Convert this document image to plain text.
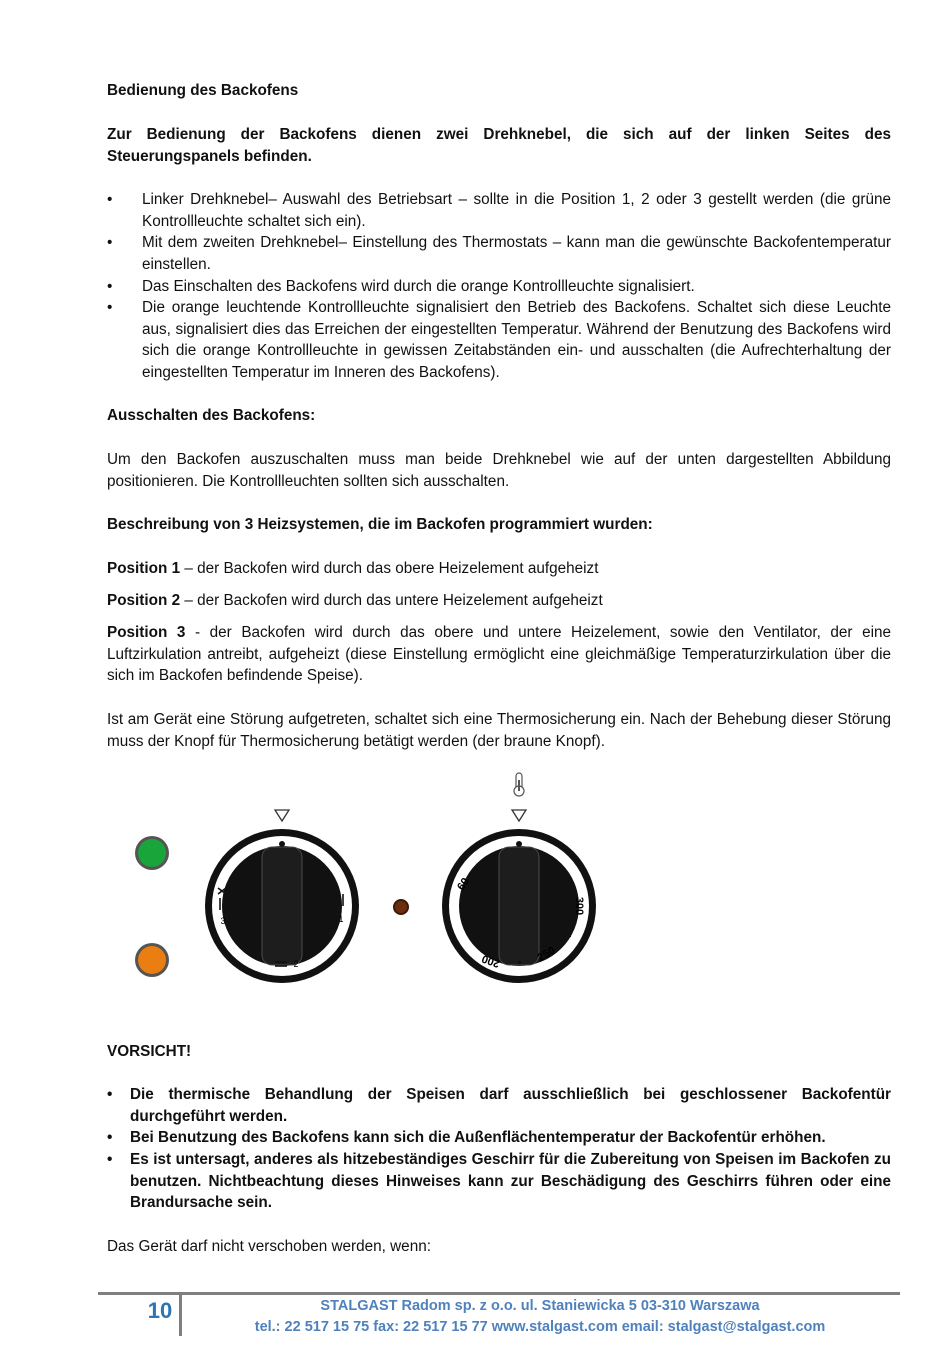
Bedienung des Backofens
Zur Bedienung der Backofens dienen zwei Drehknebel, die sich auf der linken Seites des
Steuerungspanels befinden.
• Linker Drehknebel– Auswahl des Betriebsart – sollte in die Position 1, 2 oder 3 gestellt werden (die grüne Kontrollleuchte schaltet sich ein).
• Mit dem zweiten Drehknebel– Einstellung des Thermostats – kann man die gewünschte Backofentemperatur einstellen.
• Das Einschalten des Backofens wird durch die orange Kontrollleuchte signalisiert.
• Die orange leuchtende Kontrollleuchte signalisiert den Betrieb des Backofens. Schaltet sich diese Leuchte aus, signalisiert dies das Erreichen der eingestellten Temperatur. Während der Benutzung des Backofens wird sich die orange Kontrollleuchte in gewissen Zeitabständen ein- und ausschalten (die Aufrechterhaltung der eingestellten Temperatur im Inneren des Backofens).
Ausschalten des Backofens:
Um den Backofen auszuschalten muss man beide Drehknebel wie auf der unten dargestellten Abbildung positionieren. Die Kontrollleuchten sollten sich ausschalten.
Beschreibung von 3 Heizsystemen, die im Backofen programmiert wurden:
Position 1 – der Backofen wird durch das obere Heizelement aufgeheizt
Position 2 – der Backofen wird durch das untere Heizelement aufgeheizt
Position 3 - der Backofen wird durch das obere und untere Heizelement, sowie den Ventilator, der eine Luftzirkulation antreibt, aufgeheizt (diese Einstellung ermöglicht eine gleichmäßige Temperaturzirkulation über die sich im Backofen befindende Speise).
Ist am Gerät eine Störung aufgetreten, schaltet sich eine Thermosicherung ein. Nach der Behebung dieser Störung muss der Knopf für Thermosicherung betätigt werden (der braune Knopf).
VORSICHT!
• Die thermische Behandlung der Speisen darf ausschließlich bei geschlossener Backofentür durchgeführt werden.
• Bei Benutzung des Backofens kann sich die Außenflächentemperatur der Backofentür erhöhen.
• Es ist untersagt, anderes als hitzebeständiges Geschirr für die Zubereitung von Speisen im Backofen zu benutzen. Nichtbeachtung dieses Hinweises kann zur Beschädigung des Geschirrs führen oder eine Brandursache sein.
Das Gerät darf nicht verschoben werden, wenn:
1
2
3
60
200	250
300
10	STALGAST Radom sp. z o.o. ul. Staniewicka 5 03-310 Warszawa
tel.: 22 517 15 75 fax: 22 517 15 77 www.stalgast.com email: stalgast@stalgast.com
